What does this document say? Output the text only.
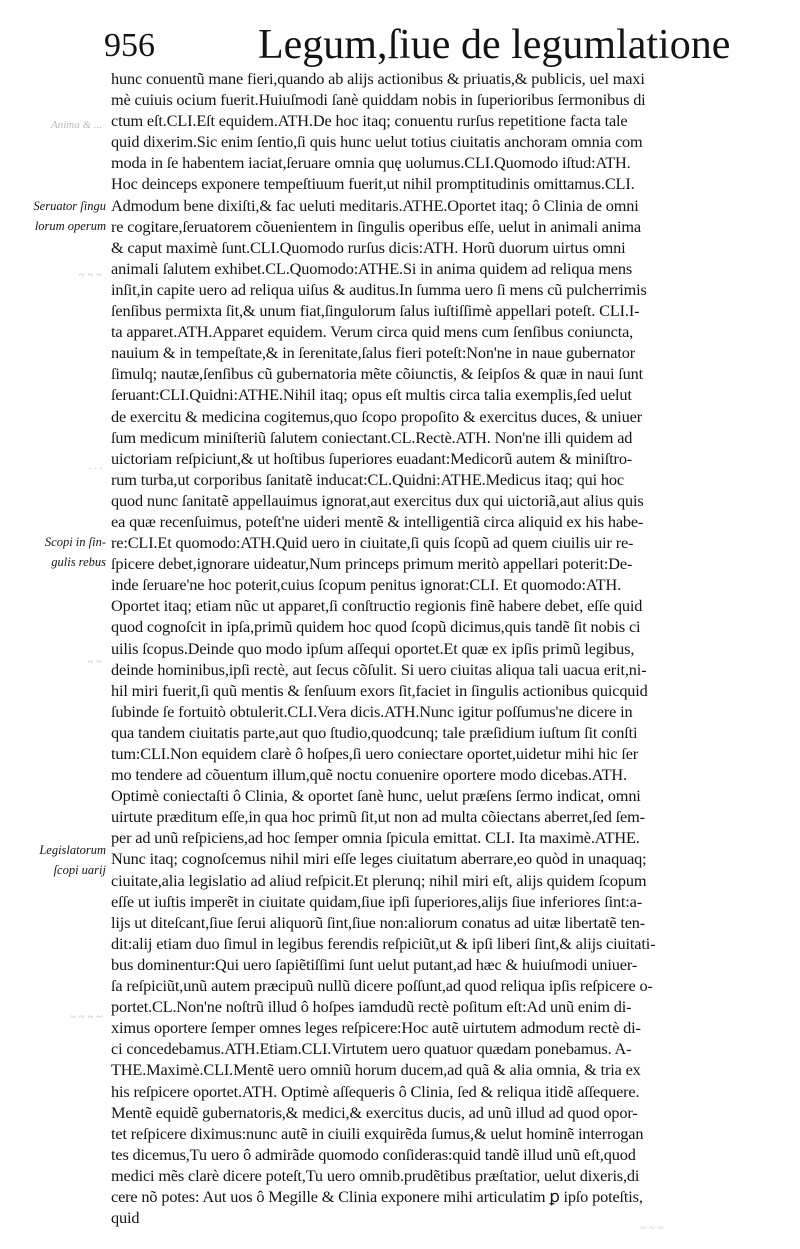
956 Legum,ſiue de legumlatione
Anima & ...
~ ~ ~
· · ·
~ ~
~ ~ ~ ~
Seruator ſingu
lorum operum
Scopi in ſin-
gulis rebus
Legislatorum
ſcopi uarij
hunc conuentũ mane fieri,quando ab alijs actionibus & priuatis,& publicis, uel maxi
mè cuiuis ocium fuerit.Huiuſmodi ſanè quiddam nobis in ſuperioribus ſermonibus di
ctum eſt.CLI.Eſt equidem.ATH.De hoc itaq; conuentu rurſus repetitione facta tale
quid dixerim.Sic enim ſentio,ſi quis hunc uelut totius ciuitatis anchoram omnia com
moda in ſe habentem iaciat,ſeruare omnia quę uolumus.CLI.Quomodo iſtud:ATH.
Hoc deinceps exponere tempeſtiuum fuerit,ut nihil promptitudinis omittamus.CLI.
Admodum bene dixiſti,& fac ueluti meditaris.ATHE.Oportet itaq; ô Clinia de omni
re cogitare,ſeruatorem cõuenientem in ſingulis operibus eſſe, uelut in animali anima
& caput maximè ſunt.CLI.Quomodo rurſus dicis:ATH. Horũ duorum uirtus omni
animali ſalutem exhibet.CL.Quomodo:ATHE.Si in anima quidem ad reliqua mens
inſit,in capite uero ad reliqua uiſus & auditus.In ſumma uero ſi mens cũ pulcherrimis
ſenſibus permixta ſit,& unum fiat,ſingulorum ſalus iuſtiſſimè appellari poteſt. CLI.I-
ta apparet.ATH.Apparet equidem. Verum circa quid mens cum ſenſibus coniuncta,
nauium & in tempeſtate,& in ſerenitate,ſalus fieri poteſt:Non'ne in naue gubernator
ſimulq; nautæ,ſenſibus cũ gubernatoria mẽte cõiunctis, & ſeipſos & quæ in naui ſunt
ſeruant:CLI.Quidni:ATHE.Nihil itaq; opus eſt multis circa talia exemplis,ſed uelut
de exercitu & medicina cogitemus,quo ſcopo propoſito & exercitus duces, & uniuer
ſum medicum miniſteriũ ſalutem coniectant.CL.Rectè.ATH. Non'ne illi quidem ad
uictoriam reſpiciunt,& ut hoſtibus ſuperiores euadant:Medicorũ autem & miniſtro-
rum turba,ut corporibus ſanitatẽ inducat:CL.Quidni:ATHE.Medicus itaq; qui hoc
quod nunc ſanitatẽ appellauimus ignorat,aut exercitus dux qui uictoriã,aut alius quis
ea quæ recenſuimus, poteſt'ne uideri mentẽ & intelligentiã circa aliquid ex his habe-
re:CLI.Et quomodo:ATH.Quid uero in ciuitate,ſi quis ſcopũ ad quem ciuilis uir re-
ſpicere debet,ignorare uideatur,Num princeps primum meritò appellari poterit:De-
inde ſeruare'ne hoc poterit,cuius ſcopum penitus ignorat:CLI. Et quomodo:ATH.
Oportet itaq; etiam nũc ut apparet,ſi conſtructio regionis finẽ habere debet, eſſe quid
quod cognoſcit in ipſa,primũ quidem hoc quod ſcopũ dicimus,quis tandẽ ſit nobis ci
uilis ſcopus.Deinde quo modo ipſum aſſequi oportet.Et quæ ex ipſis primũ legibus,
deinde hominibus,ipſi rectè, aut ſecus cõſulit. Si uero ciuitas aliqua tali uacua erit,ni-
hil miri fuerit,ſi quũ mentis & ſenſuum exors ſit,faciet in ſingulis actionibus quicquid
ſubinde ſe fortuitò obtulerit.CLI.Vera dicis.ATH.Nunc igitur poſſumus'ne dicere in
qua tandem ciuitatis parte,aut quo ſtudio,quodcunq; tale præſidium iuſtum ſit conſti
tum:CLI.Non equidem clarè ô hoſpes,ſi uero coniectare oportet,uidetur mihi hic ſer
mo tendere ad cõuentum illum,quẽ noctu conuenire oportere modo dicebas.ATH.
Optimè coniectaſti ô Clinia, & oportet ſanè hunc, uelut præſens ſermo indicat, omni
uirtute præditum eſſe,in qua hoc primũ ſit,ut non ad multa cõiectans aberret,ſed ſem-
per ad unũ reſpiciens,ad hoc ſemper omnia ſpicula emittat. CLI. Ita maximè.ATHE.
Nunc itaq; cognoſcemus nihil miri eſſe leges ciuitatum aberrare,eo quòd in unaquaq;
ciuitate,alia legislatio ad aliud reſpicit.Et plerunq; nihil miri eſt, alijs quidem ſcopum
eſſe ut iuſtis imperẽt in ciuitate quidam,ſiue ipſi ſuperiores,alijs ſiue inferiores ſint:a-
lijs ut diteſcant,ſiue ſerui aliquorũ ſint,ſiue non:aliorum conatus ad uitæ libertatẽ ten-
dit:alij etiam duo ſimul in legibus ferendis reſpiciũt,ut & ipſi liberi ſint,& alijs ciuitati-
bus dominentur:Qui uero ſapiẽtiſſimi ſunt uelut putant,ad hæc & huiuſmodi uniuer-
ſa reſpiciũt,unũ autem præcipuũ nullũ dicere poſſunt,ad quod reliqua ipſis reſpicere o-
portet.CL.Non'ne noſtrũ illud ô hoſpes iamdudũ rectè poſitum eſt:Ad unũ enim di-
ximus oportere ſemper omnes leges reſpicere:Hoc autẽ uirtutem admodum rectè di-
ci concedebamus.ATH.Etiam.CLI.Virtutem uero quatuor quædam ponebamus. A-
THE.Maximè.CLI.Mentẽ uero omniũ horum ducem,ad quã & alia omnia, & tria ex
his reſpicere oportet.ATH. Optimè aſſequeris ô Clinia, ſed & reliqua itidẽ aſſequere.
Mentẽ equidẽ gubernatoris,& medici,& exercitus ducis, ad unũ illud ad quod opor-
tet reſpicere diximus:nunc autẽ in ciuili exquirẽda ſumus,& uelut hominẽ interrogan
tes dicemus,Tu uero ô admirãde quomodo conſideras:quid tandẽ illud unũ eſt,quod
medici mẽs clarè dicere poteſt,Tu uero omnib.prudẽtibus præſtatior, uelut dixeris,di
cere nõ potes: Aut uos ô Megille & Clinia exponere mihi articulatim ꝑ ipſo poteſtis,
quid
~ ~ ~
